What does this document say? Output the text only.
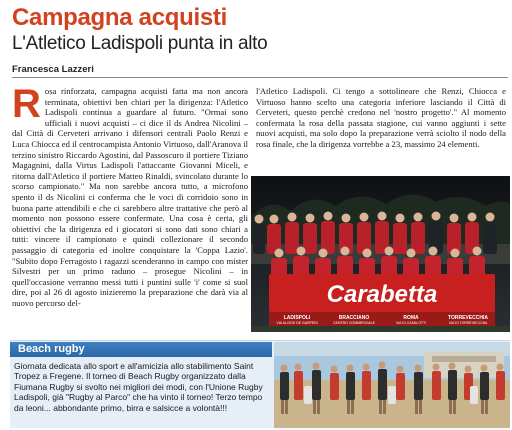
Campagna acquisti
L'Atletico Ladispoli punta in alto
Francesca Lazzeri
R osa rinforzata, campagna acquisti fatta ma non ancora terminata, obiettivi ben chiari per la dirigenza: l'Atletico Ladispoli continua a guardare al futuro. "Ormai sono ufficiali i nuovi acquisti – ci dice il ds Andrea Nicolini – dal Città di Cerveteri arrivano i difensori centrali Paolo Renzi e Luca Chiocca ed il centrocampista Antonio Virtuoso, dall'Aranova il terzino sinistro Riccardo Agostini, dal Passoscuro il portiere Tiziano Magagnini, dalla Virtus Ladispoli l'attaccante Giovanni Miceli, e ritorna dall'Atletico il portiere Matteo Rinaldi, svincolato durante lo scorso campionato." Ma non sarebbe ancora tutto, a microfono spento il ds Nicolini ci conferma che le voci di corridoio sono in buona parte attendibili e che ci sarebbero altre trattative che però al momento non possono essere confermate. Una cosa è certa, gli obiettivi che la dirigenza ed i giocatori si sono dati sono chiari a tutti: vincere il campionato e quindi collezionare il secondo passaggio di categoria ed inoltre conquistare la 'Coppa Lazio'. "Subito dopo Ferragosto i ragazzi scenderanno in campo con mister Silvestri per un primo raduno – prosegue Nicolini – in quell'occasione verranno messi tutti i puntini sulle 'i' come si suol dire, poi al 26 di agosto inizieremo la preparazione che darà via al nuovo percorso del-
l'Atletico Ladispoli. Ci tengo a sottolineare che Renzi, Chiocca e Virtuoso hanno scelto una categoria inferiore lasciando il Città di Cerveteri, questo perchè credono nel 'nostro progetto'." Al momento confermata la rosa della passata stagione, cui vanno aggiunti i sette nuovi acquisti, ma solo dopo la preparazione verrà sciolto il nodo della rosa finale, che la dirigenza vorrebbe a 23, massimo 24 elementi.
Carabetta
LADISPOLI
VIA ALCIDE DE GASPERI
BRACCIANO
CENTRO COMMERCIALE
ROMA
VIA DI CASALOTTI
TORREVECCHIA
VIA DI TORREVECCHIA
Beach rugby
Giornata dedicata allo sport e all'amicizia allo stabilimento Saint Tropez a Fregene. Il torneo di Beach Rugby organizzato dalla Fiumana Rugby si svolto nei migliori dei modi, con l'Unione Rugby Ladispoli, già "Rugby al Parco" che ha vinto il torneo! Terzo tempo da leoni... abbondante primo, birra e salsicce a volontà!!!
